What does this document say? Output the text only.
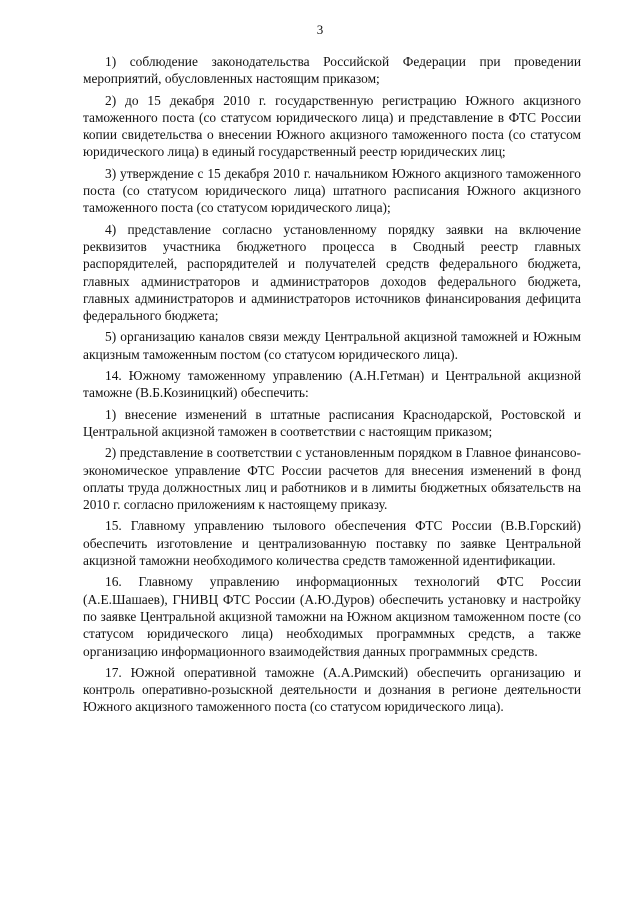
3

1) соблюдение законодательства Российской Федерации при проведении мероприятий, обусловленных настоящим приказом;

2) до 15 декабря 2010 г. государственную регистрацию Южного акцизного таможенного поста (со статусом юридического лица) и представление в ФТС России копии свидетельства о внесении Южного акцизного таможенного поста (со статусом юридического лица) в единый государственный реестр юридических лиц;

3) утверждение с 15 декабря 2010 г. начальником Южного акцизного таможенного поста (со статусом юридического лица) штатного расписания Южного акцизного таможенного поста (со статусом юридического лица);

4) представление согласно установленному порядку заявки на включение реквизитов участника бюджетного процесса в Сводный реестр главных распорядителей, распорядителей и получателей средств федерального бюджета, главных администраторов и администраторов доходов федерального бюджета, главных администраторов и администраторов источников финансирования дефицита федерального бюджета;

5) организацию каналов связи между Центральной акцизной таможней и Южным акцизным таможенным постом (со статусом юридического лица).

14. Южному таможенному управлению (А.Н.Гетман) и Центральной акцизной таможне (В.Б.Козиницкий) обеспечить:

1) внесение изменений в штатные расписания Краснодарской, Ростовской и Центральной акцизной таможен в соответствии с настоящим приказом;

2) представление в соответствии с установленным порядком в Главное финансово-экономическое управление ФТС России расчетов для внесения изменений в фонд оплаты труда должностных лиц и работников и в лимиты бюджетных обязательств на 2010 г. согласно приложениям к настоящему приказу.

15. Главному управлению тылового обеспечения ФТС России (В.В.Горский) обеспечить изготовление и централизованную поставку по заявке Центральной акцизной таможни необходимого количества средств таможенной идентификации.

16. Главному управлению информационных технологий ФТС России (А.Е.Шашаев), ГНИВЦ ФТС России (А.Ю.Дуров) обеспечить установку и настройку по заявке Центральной акцизной таможни на Южном акцизном таможенном посте (со статусом юридического лица) необходимых программных средств, а также организацию информационного взаимодействия данных программных средств.

17. Южной оперативной таможне (А.А.Римский) обеспечить организацию и контроль оперативно-розыскной деятельности и дознания в регионе деятельности Южного акцизного таможенного поста (со статусом юридического лица).
